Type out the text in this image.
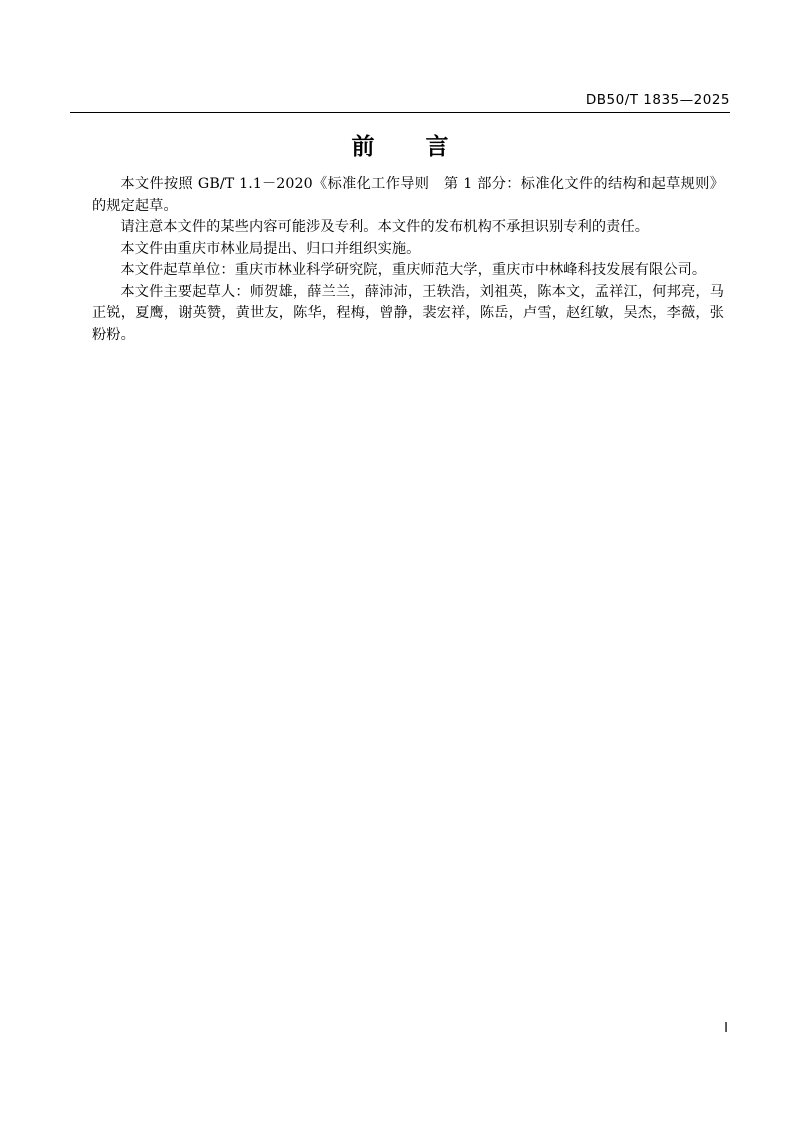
DB50/T 1835—2025
前　言

本文件按照 GB/T 1.1－2020《标准化工作导则　第 1 部分：标准化文件的结构和起草规则》的规定起草。

请注意本文件的某些内容可能涉及专利。本文件的发布机构不承担识别专利的责任。

本文件由重庆市林业局提出、归口并组织实施。

本文件起草单位：重庆市林业科学研究院，重庆师范大学，重庆市中林峰科技发展有限公司。

本文件主要起草人：师贺雄，薛兰兰，薛沛沛，王轶浩，刘祖英，陈本文，孟祥江，何邦亮，马正锐，夏鹰，谢英赞，黄世友，陈华，程梅，曾静，裴宏祥，陈岳，卢雪，赵红敏，吴杰，李薇，张粉粉。

I
